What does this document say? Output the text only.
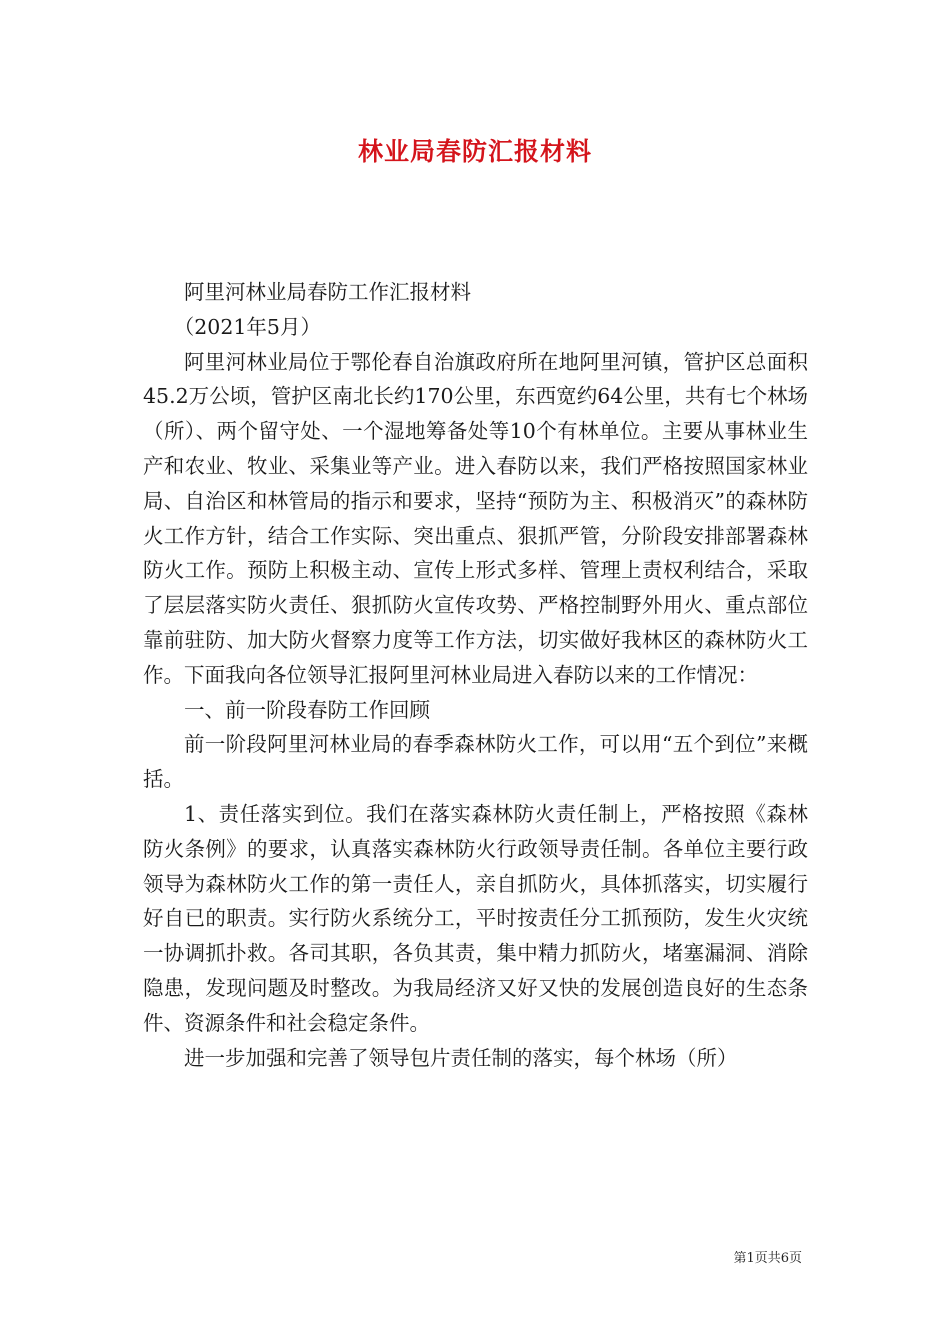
林业局春防汇报材料

阿里河林业局春防工作汇报材料

（2021年5月）

阿里河林业局位于鄂伦春自治旗政府所在地阿里河镇，管护区总面积45.2万公顷，管护区南北长约170公里，东西宽约64公里，共有七个林场（所）、两个留守处、一个湿地筹备处等10个有林单位。主要从事林业生产和农业、牧业、采集业等产业。进入春防以来，我们严格按照国家林业局、自治区和林管局的指示和要求，坚持“预防为主、积极消灭”的森林防火工作方针，结合工作实际、突出重点、狠抓严管，分阶段安排部署森林防火工作。预防上积极主动、宣传上形式多样、管理上责权利结合，采取了层层落实防火责任、狠抓防火宣传攻势、严格控制野外用火、重点部位靠前驻防、加大防火督察力度等工作方法，切实做好我林区的森林防火工作。下面我向各位领导汇报阿里河林业局进入春防以来的工作情况：

一、前一阶段春防工作回顾

前一阶段阿里河林业局的春季森林防火工作，可以用“五个到位”来概括。

1、责任落实到位。我们在落实森林防火责任制上，严格按照《森林防火条例》的要求，认真落实森林防火行政领导责任制。各单位主要行政领导为森林防火工作的第一责任人，亲自抓防火，具体抓落实，切实履行好自已的职责。实行防火系统分工，平时按责任分工抓预防，发生火灾统一协调抓扑救。各司其职，各负其责，集中精力抓防火，堵塞漏洞、消除隐患，发现问题及时整改。为我局经济又好又快的发展创造良好的生态条件、资源条件和社会稳定条件。

进一步加强和完善了领导包片责任制的落实，每个林场（所）

第1页共6页
